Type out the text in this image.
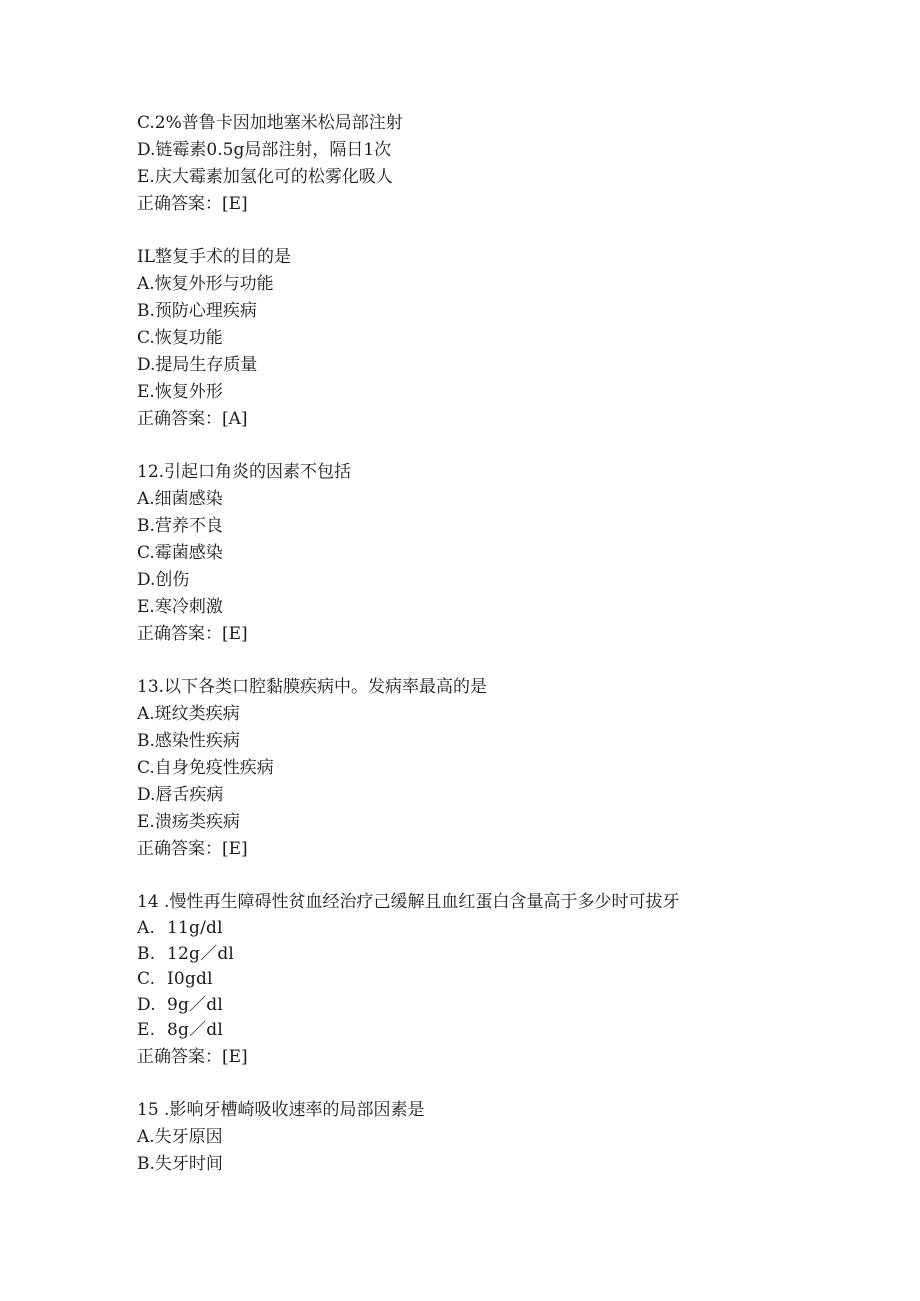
C.2%普鲁卡因加地塞米松局部注射
D.链霉素0.5g局部注射，隔日1次
E.庆大霉素加氢化可的松雾化吸人
正确答案：[E]
IL整复手术的目的是
A.恢复外形与功能
B.预防心理疾病
C.恢复功能
D.提局生存质量
E.恢复外形
正确答案：[A]
12.引起口角炎的因素不包括
A.细菌感染
B.营养不良
C.霉菌感染
D.创伤
E.寒冷刺激
正确答案：[E]
13.以下各类口腔黏膜疾病中。发病率最高的是
A.斑纹类疾病
B.感染性疾病
C.自身免疫性疾病
D.唇舌疾病
E.溃疡类疾病
正确答案：[E]
14 .慢性再生障碍性贫血经治疗己缓解且血红蛋白含量高于多少时可拔牙
A. 11g/dl
B. 12g／dl
C. I0gdl
D. 9g／dl
E. 8g／dl
正确答案：[E]
15 .影响牙槽崎吸收速率的局部因素是
A.失牙原因
B.失牙时间
